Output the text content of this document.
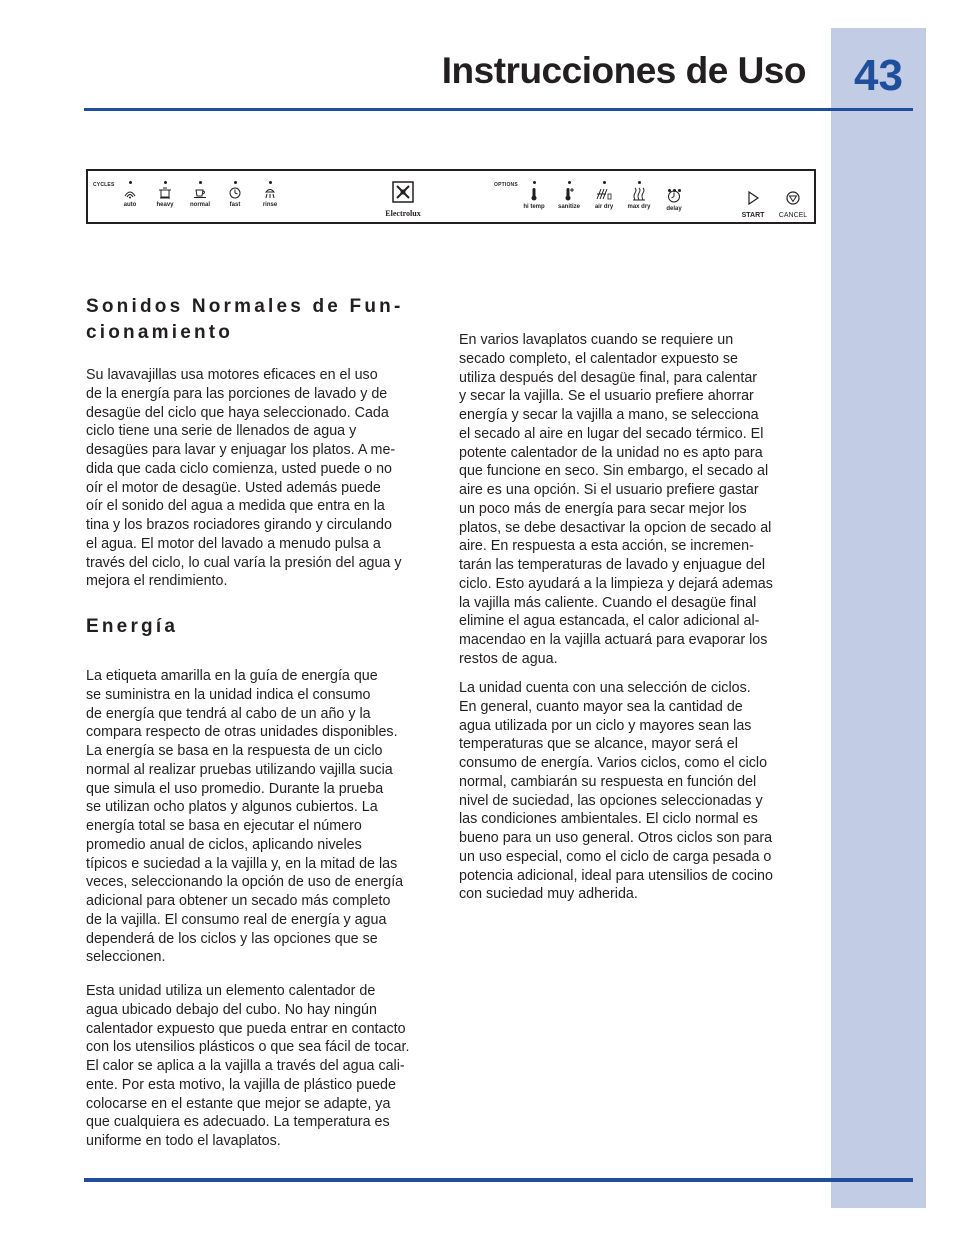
43
Instrucciones de Uso
CYCLES
auto	heavy	normal	fast	rinse
Electrolux
OPTIONS
hi temp	sanitize	air dry	max dry	delay
START	CANCEL
Sonidos Normales de Fun-
cionamiento
Su lavavajillas usa motores eficaces en el uso
de la energía para las porciones de lavado y de
desagüe del ciclo que haya seleccionado. Cada
ciclo tiene una serie de llenados de agua y
desagües para lavar y enjuagar los platos. A me-
dida que cada ciclo comienza, usted puede o no
oír el motor de desagüe. Usted además puede
oír el sonido del agua a medida que entra en la
tina y los brazos rociadores girando y circulando
el agua. El motor del lavado a menudo pulsa a
través del ciclo, lo cual varía la presión del agua y
mejora el rendimiento.
Energía
La etiqueta amarilla en la guía de energía que
se suministra en la unidad indica el consumo
de energía que tendrá al cabo de un año y la
compara respecto de otras unidades disponibles.
La energía se basa en la respuesta de un ciclo
normal al realizar pruebas utilizando vajilla sucia
que simula el uso promedio. Durante la prueba
se utilizan ocho platos y algunos cubiertos. La
energía total se basa en ejecutar el número
promedio anual de ciclos, aplicando niveles
típicos e suciedad a la vajilla y, en la mitad de las
veces, seleccionando la opción de uso de energía
adicional para obtener un secado más completo
de la vajilla. El consumo real de energía y agua
dependerá de los ciclos y las opciones que se
seleccionen.
Esta unidad utiliza un elemento calentador de
agua ubicado debajo del cubo. No hay ningún
calentador expuesto que pueda entrar en contacto
con los utensilios plásticos o que sea fácil de tocar.
El calor se aplica a la vajilla a través del agua cali-
ente. Por esta motivo, la vajilla de plástico puede
colocarse en el estante que mejor se adapte, ya
que cualquiera es adecuado. La temperatura es
uniforme en todo el lavaplatos.
En varios lavaplatos cuando se requiere un
secado completo, el calentador expuesto se
utiliza después del desagüe final, para calentar
y secar la vajilla. Se el usuario prefiere ahorrar
energía y secar la vajilla a mano, se selecciona
el secado al aire en lugar del secado térmico. El
potente calentador de la unidad no es apto para
que funcione en seco. Sin embargo, el secado al
aire es una opción. Si el usuario prefiere gastar
un poco más de energía para secar mejor los
platos, se debe desactivar la opcion de secado al
aire. En respuesta a esta acción, se incremen-
tarán las temperaturas de lavado y enjuague del
ciclo. Esto ayudará a la limpieza y dejará ademas
la vajilla más caliente. Cuando el desagüe final
elimine el agua estancada, el calor adicional al-
macendao en la vajilla actuará para evaporar los
restos de agua.
La unidad cuenta con una selección de ciclos.
En general, cuanto mayor sea la cantidad de
agua utilizada por un ciclo y mayores sean las
temperaturas que se alcance, mayor será el
consumo de energía. Varios ciclos, como el ciclo
normal, cambiarán su respuesta en función del
nivel de suciedad, las opciones seleccionadas y
las condiciones ambientales. El ciclo normal es
bueno para un uso general. Otros ciclos son para
un uso especial, como el ciclo de carga pesada o
potencia adicional, ideal para utensilios de cocino
con suciedad muy adherida.
